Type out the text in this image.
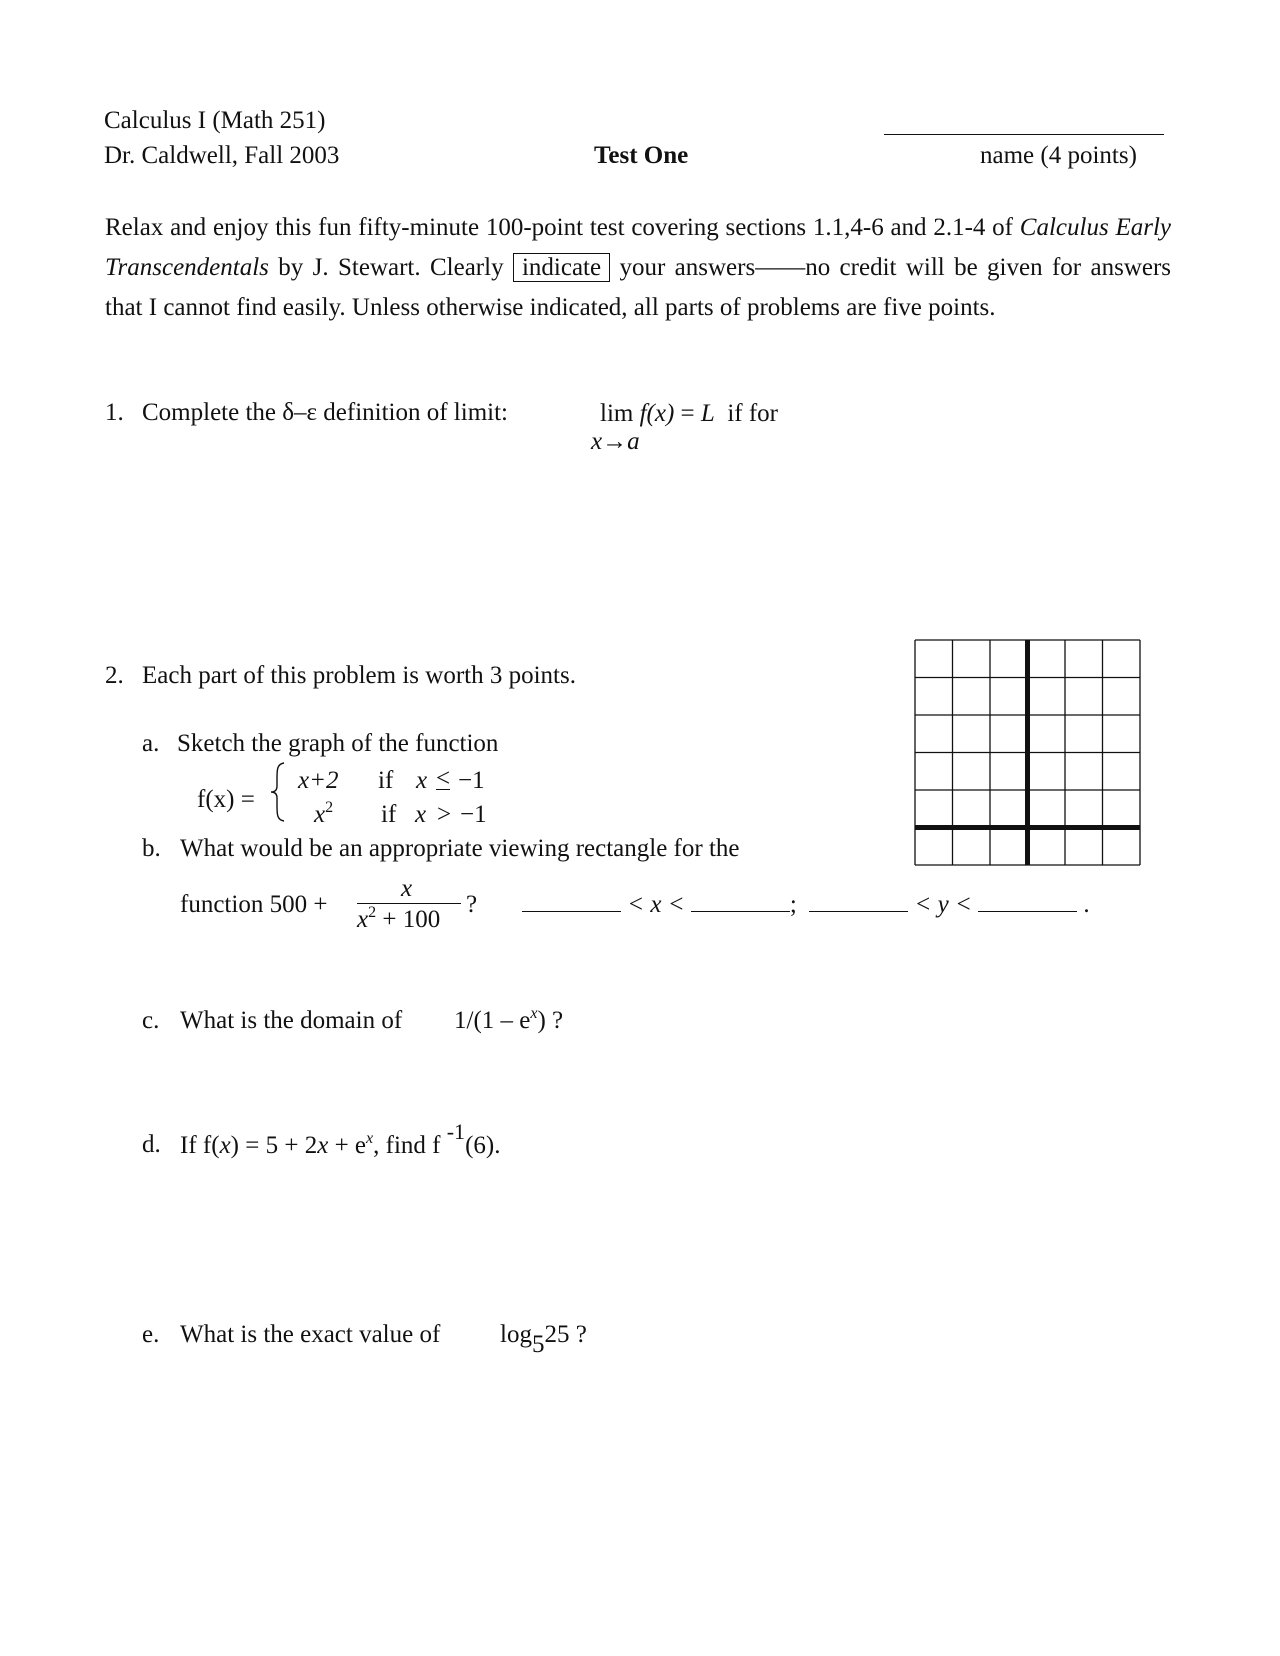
Calculus I (Math 251)
Dr. Caldwell, Fall 2003	Test One	name (4 points)
Relax and enjoy this fun fifty-minute 100-point test covering sections 1.1,4-6 and 2.1-4 of Calculus Early Transcendentals by J. Stewart. Clearly indicate your answers——no credit will be given for answers that I cannot find easily. Unless otherwise indicated, all parts of problems are five points.
1. Complete the δ–ε definition of limit:	lim f(x) = L if for
x→a
2. Each part of this problem is worth 3 points.
a. Sketch the graph of the function
f(x) =
x+2 if x < −1
$x^2$ if x > −1
b. What would be an appropriate viewing rectangle for the
function 500 +
x
$x^2 + 100$
?	< x <	;	< y <	.
c. What is the domain of $1/(1 - e^x)$ ?
d. If $f(x) = 5 + 2x + e^x$, find f $^{-1}$(6).
e. What is the exact value of $\log_525$ ?
